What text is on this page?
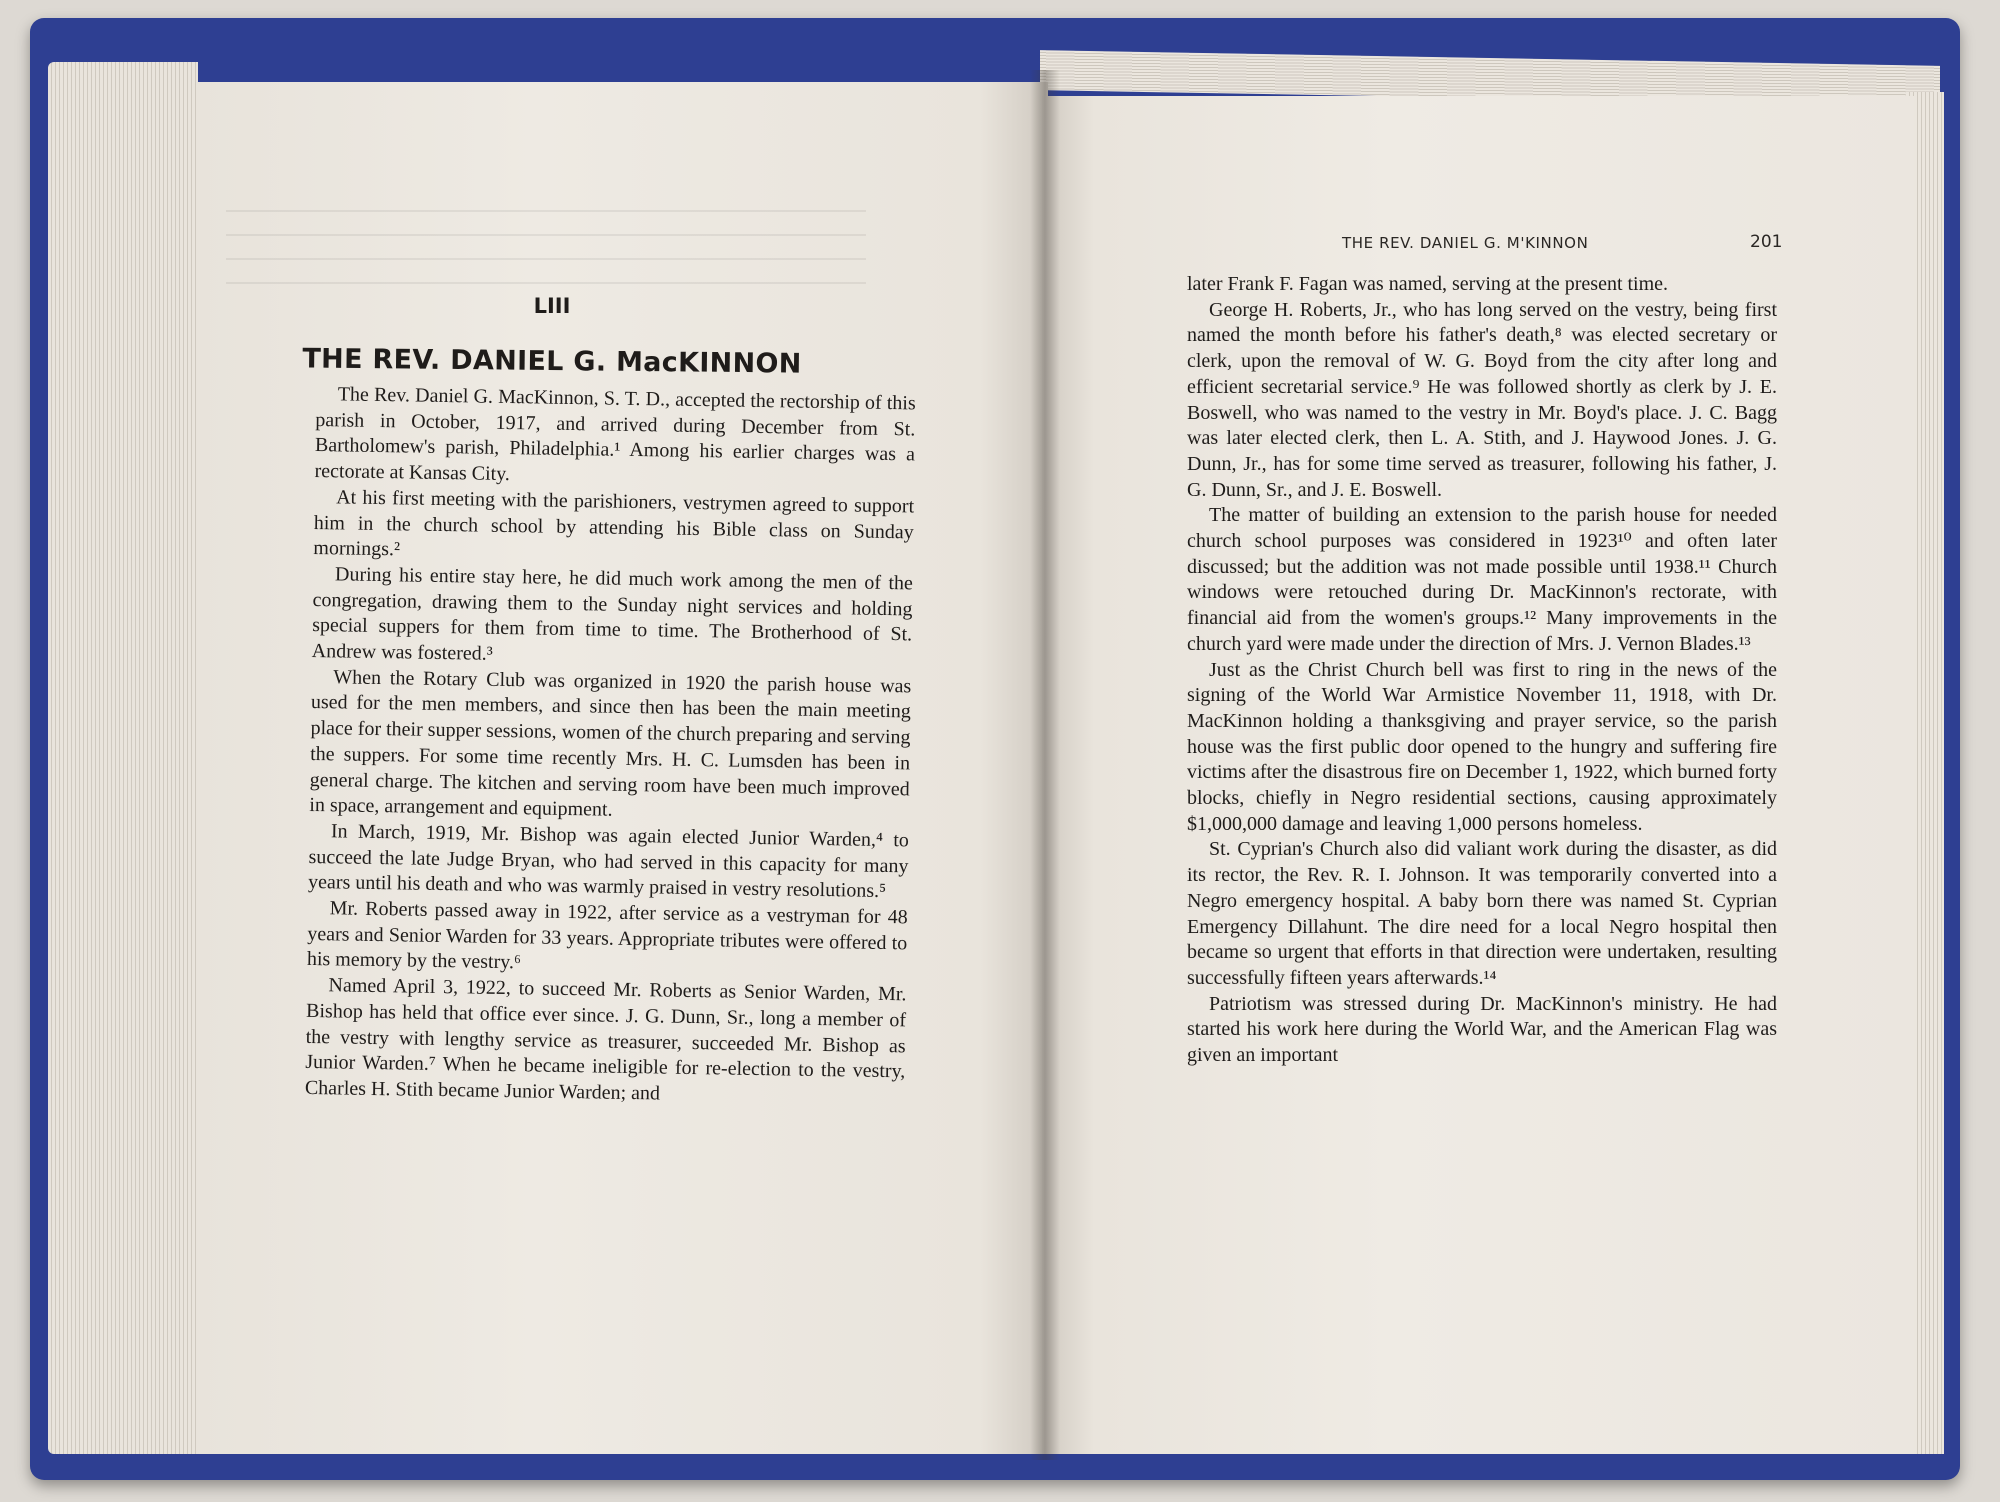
LIII
THE REV. DANIEL G. MacKINNON

The Rev. Daniel G. MacKinnon, S. T. D., accepted the rectorship of this parish in October, 1917, and arrived during December from St. Bartholomew's parish, Philadelphia.¹ Among his earlier charges was a rectorate at Kansas City.

At his first meeting with the parishioners, vestrymen agreed to support him in the church school by attending his Bible class on Sunday mornings.²

During his entire stay here, he did much work among the men of the congregation, drawing them to the Sunday night services and holding special suppers for them from time to time. The Brotherhood of St. Andrew was fostered.³

When the Rotary Club was organized in 1920 the parish house was used for the men members, and since then has been the main meeting place for their supper sessions, women of the church preparing and serving the suppers. For some time recently Mrs. H. C. Lumsden has been in general charge. The kitchen and serving room have been much improved in space, arrangement and equipment.

In March, 1919, Mr. Bishop was again elected Junior Warden,⁴ to succeed the late Judge Bryan, who had served in this capacity for many years until his death and who was warmly praised in vestry resolutions.⁵

Mr. Roberts passed away in 1922, after service as a vestryman for 48 years and Senior Warden for 33 years. Appropriate tributes were offered to his memory by the vestry.⁶

Named April 3, 1922, to succeed Mr. Roberts as Senior Warden, Mr. Bishop has held that office ever since. J. G. Dunn, Sr., long a member of the vestry with lengthy service as treasurer, succeeded Mr. Bishop as Junior Warden.⁷ When he became ineligible for re-election to the vestry, Charles H. Stith became Junior Warden; and

THE REV. DANIEL G. M'KINNON	201

later Frank F. Fagan was named, serving at the present time.

George H. Roberts, Jr., who has long served on the vestry, being first named the month before his father's death,⁸ was elected secretary or clerk, upon the removal of W. G. Boyd from the city after long and efficient secretarial service.⁹ He was followed shortly as clerk by J. E. Boswell, who was named to the vestry in Mr. Boyd's place. J. C. Bagg was later elected clerk, then L. A. Stith, and J. Haywood Jones. J. G. Dunn, Jr., has for some time served as treasurer, following his father, J. G. Dunn, Sr., and J. E. Boswell.

The matter of building an extension to the parish house for needed church school purposes was considered in 1923¹⁰ and often later discussed; but the addition was not made possible until 1938.¹¹ Church windows were retouched during Dr. MacKinnon's rectorate, with financial aid from the women's groups.¹² Many improvements in the church yard were made under the direction of Mrs. J. Vernon Blades.¹³

Just as the Christ Church bell was first to ring in the news of the signing of the World War Armistice November 11, 1918, with Dr. MacKinnon holding a thanksgiving and prayer service, so the parish house was the first public door opened to the hungry and suffering fire victims after the disastrous fire on December 1, 1922, which burned forty blocks, chiefly in Negro residential sections, causing approximately $1,000,000 damage and leaving 1,000 persons homeless.

St. Cyprian's Church also did valiant work during the disaster, as did its rector, the Rev. R. I. Johnson. It was temporarily converted into a Negro emergency hospital. A baby born there was named St. Cyprian Emergency Dillahunt. The dire need for a local Negro hospital then became so urgent that efforts in that direction were undertaken, resulting successfully fifteen years afterwards.¹⁴

Patriotism was stressed during Dr. MacKinnon's ministry. He had started his work here during the World War, and the American Flag was given an important
